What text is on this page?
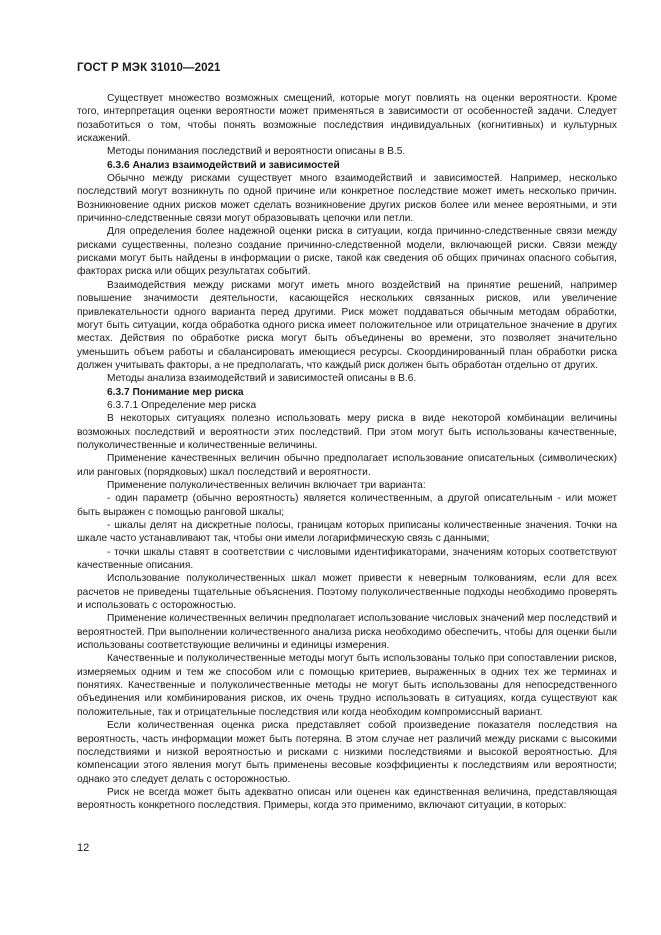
ГОСТ Р МЭК 31010—2021

Существует множество возможных смещений, которые могут повлиять на оценки вероятности. Кроме того, интерпретация оценки вероятности может применяться в зависимости от особенностей задачи. Следует позаботиться о том, чтобы понять возможные последствия индивидуальных (когнитивных) и культурных искажений.

Методы понимания последствий и вероятности описаны в В.5.

6.3.6 Анализ взаимодействий и зависимостей

Обычно между рисками существует много взаимодействий и зависимостей. Например, несколько последствий могут возникнуть по одной причине или конкретное последствие может иметь несколько причин. Возникновение одних рисков может сделать возникновение других рисков более или менее вероятными, и эти причинно-следственные связи могут образовывать цепочки или петли.

Для определения более надежной оценки риска в ситуации, когда причинно-следственные связи между рисками существенны, полезно создание причинно-следственной модели, включающей риски. Связи между рисками могут быть найдены в информации о риске, такой как сведения об общих причинах опасного события, факторах риска или общих результатах событий.

Взаимодействия между рисками могут иметь много воздействий на принятие решений, например повышение значимости деятельности, касающейся нескольких связанных рисков, или увеличение привлекательности одного варианта перед другими. Риск может поддаваться обычным методам обработки, могут быть ситуации, когда обработка одного риска имеет положительное или отрицательное значение в других местах. Действия по обработке риска могут быть объединены во времени, это позволяет значительно уменьшить объем работы и сбалансировать имеющиеся ресурсы. Скоординированный план обработки риска должен учитывать факторы, а не предполагать, что каждый риск должен быть обработан отдельно от других.

Методы анализа взаимодействий и зависимостей описаны в В.6.

6.3.7 Понимание мер риска

6.3.7.1 Определение мер риска

В некоторых ситуациях полезно использовать меру риска в виде некоторой комбинации величины возможных последствий и вероятности этих последствий. При этом могут быть использованы качественные, полуколичественные и количественные величины.

Применение качественных величин обычно предполагает использование описательных (символических) или ранговых (порядковых) шкал последствий и вероятности.

Применение полуколичественных величин включает три варианта:

- один параметр (обычно вероятность) является количественным, а другой описательным - или может быть выражен с помощью ранговой шкалы;

- шкалы делят на дискретные полосы, границам которых приписаны количественные значения. Точки на шкале часто устанавливают так, чтобы они имели логарифмическую связь с данными;

- точки шкалы ставят в соответствии с числовыми идентификаторами, значениям которых соответствуют качественные описания.

Использование полуколичественных шкал может привести к неверным толкованиям, если для всех расчетов не приведены тщательные объяснения. Поэтому полуколичественные подходы необходимо проверять и использовать с осторожностью.

Применение количественных величин предполагает использование числовых значений мер последствий и вероятностей. При выполнении количественного анализа риска необходимо обеспечить, чтобы для оценки были использованы соответствующие величины и единицы измерения.

Качественные и полуколичественные методы могут быть использованы только при сопоставлении рисков, измеряемых одним и тем же способом или с помощью критериев, выраженных в одних тех же терминах и понятиях. Качественные и полуколичественные методы не могут быть использованы для непосредственного объединения или комбинирования рисков, их очень трудно использовать в ситуациях, когда существуют как положительные, так и отрицательные последствия или когда необходим компромиссный вариант.

Если количественная оценка риска представляет собой произведение показателя последствия на вероятность, часть информации может быть потеряна. В этом случае нет различий между рисками с высокими последствиями и низкой вероятностью и рисками с низкими последствиями и высокой вероятностью. Для компенсации этого явления могут быть применены весовые коэффициенты к последствиям или вероятности; однако это следует делать с осторожностью.

Риск не всегда может быть адекватно описан или оценен как единственная величина, представляющая вероятность конкретного последствия. Примеры, когда это применимо, включают ситуации, в которых:

12
